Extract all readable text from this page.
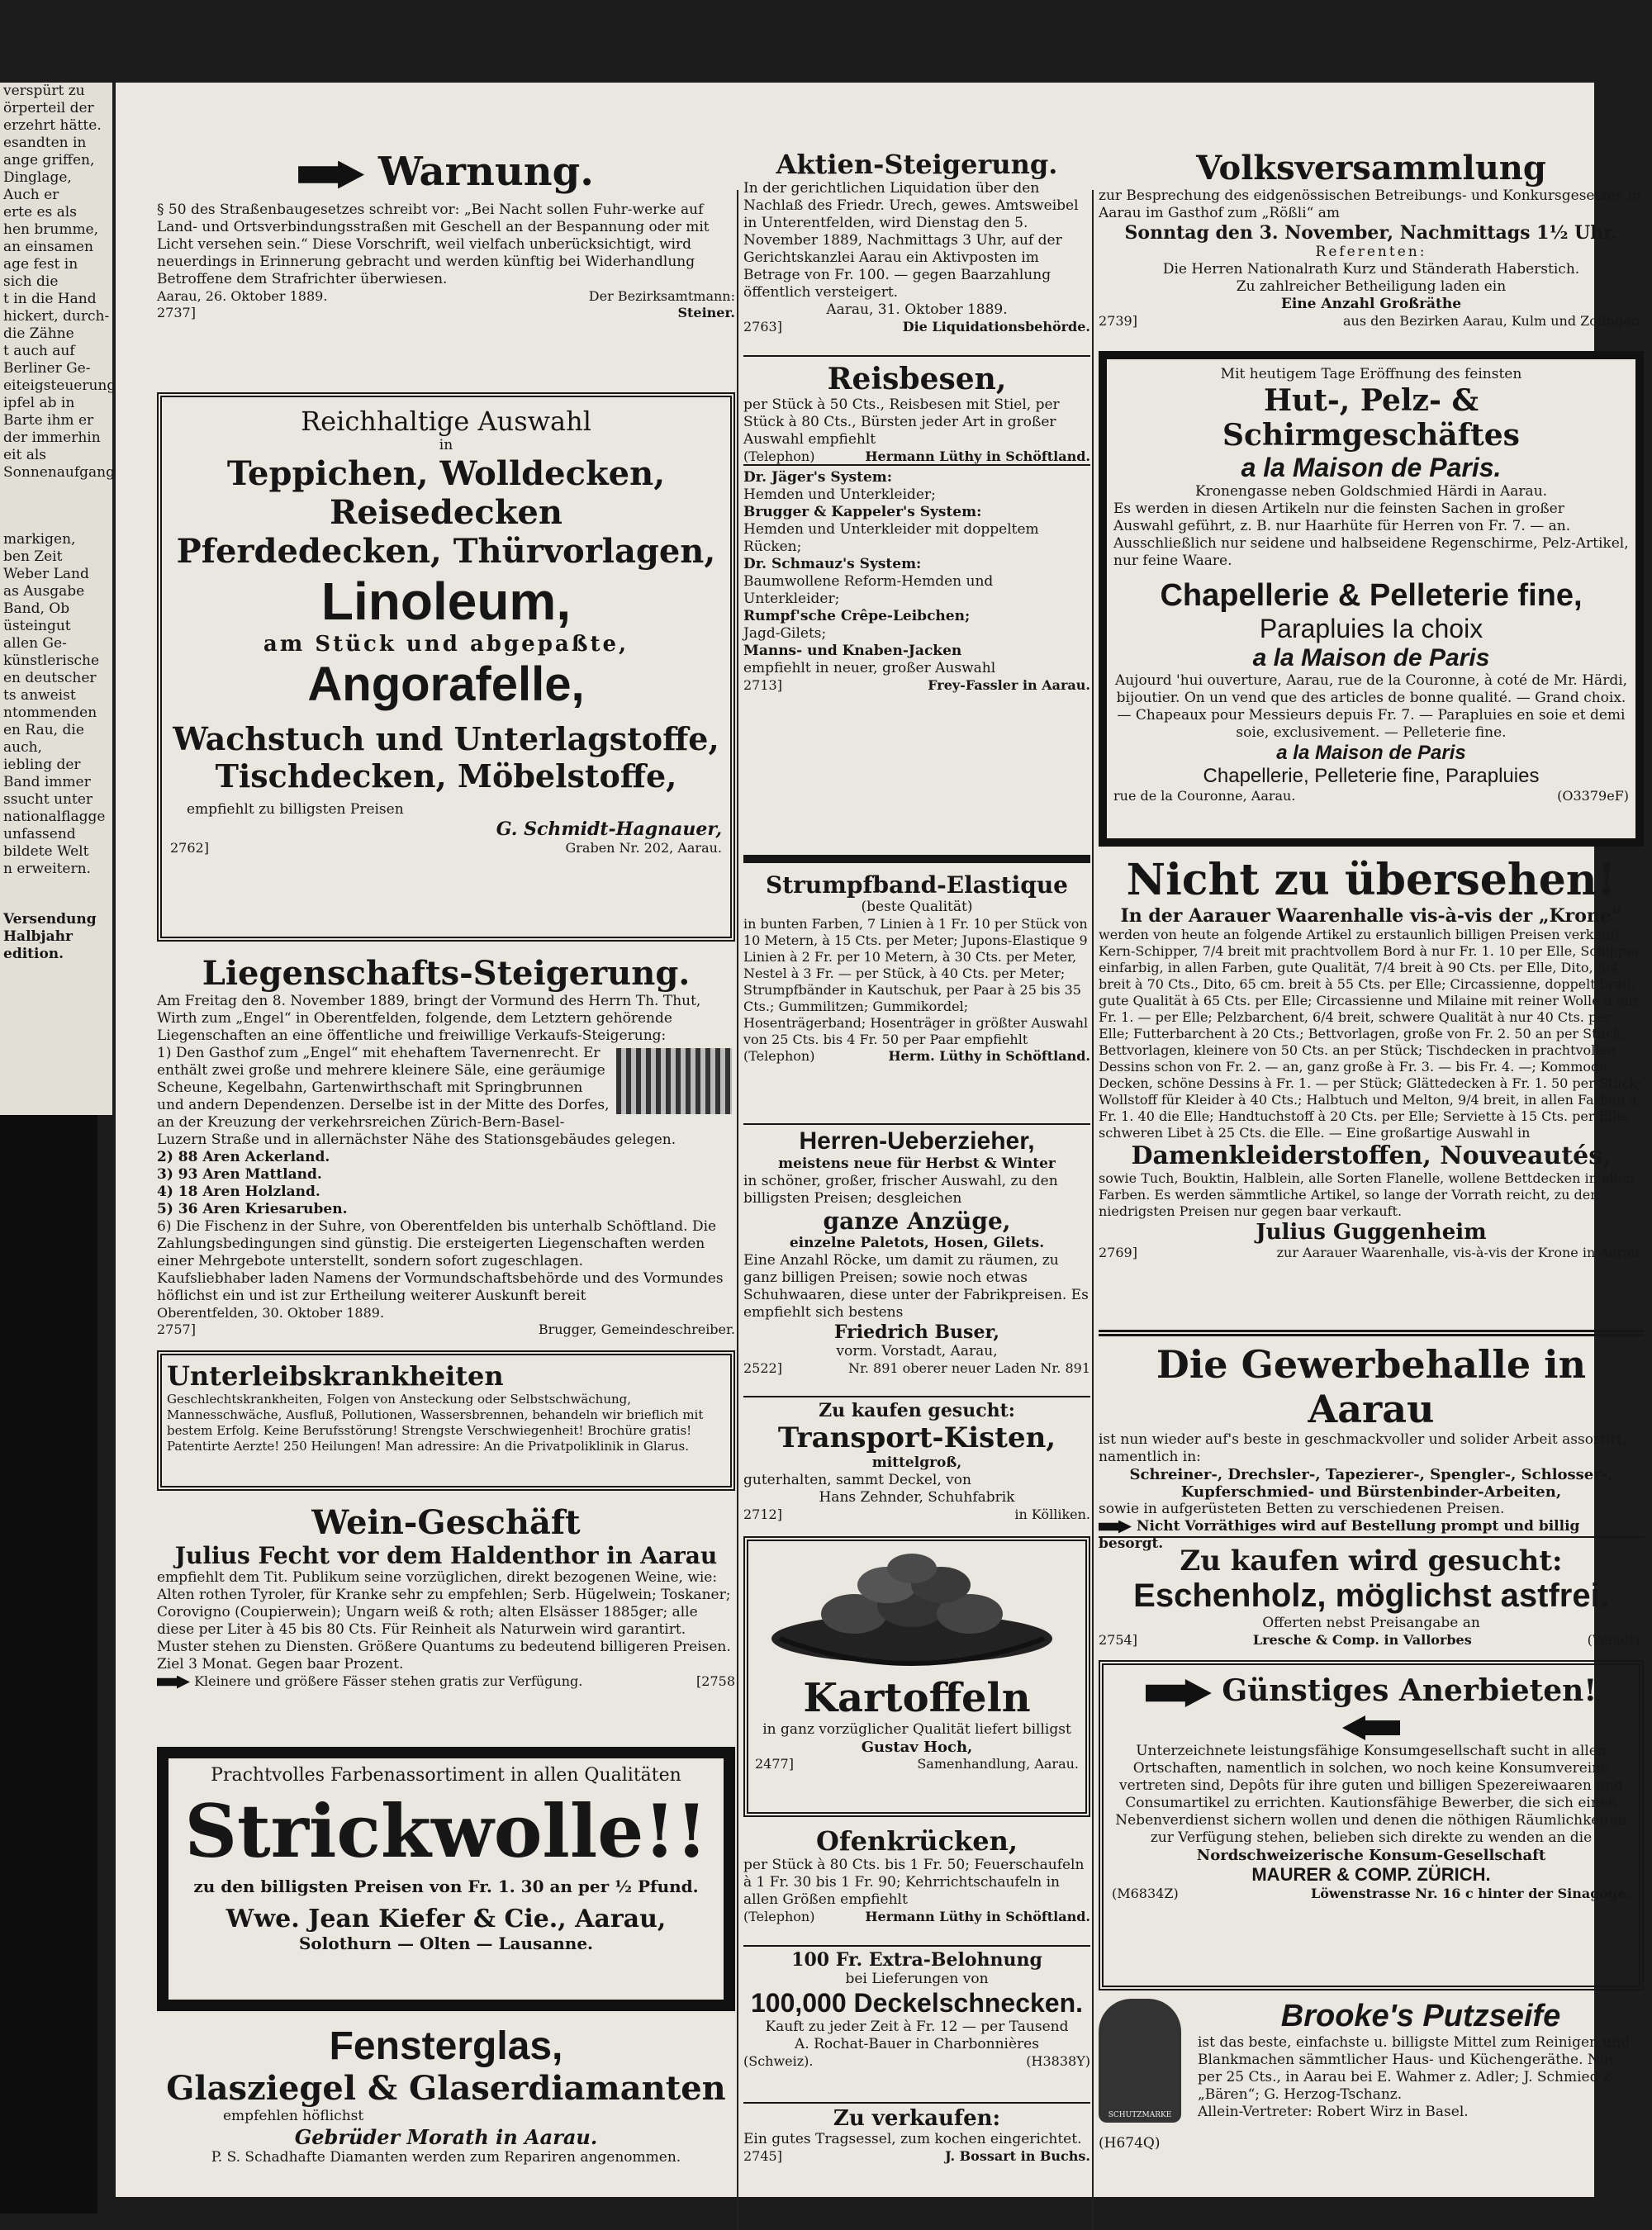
verspürt zu
örperteil der
erzehrt hätte.
esandten in
ange griffen,
Dinglage,
Auch er
erte es als
hen brumme,
an einsamen
age fest in
sich die
t in die Hand
hickert, durch-
die Zähne
t auch auf
Berliner Ge-
eiteigsteuerung
ipfel ab in
Barte ihm er
der immerhin
eit als
Sonnenaufgang
markigen,
ben Zeit
Weber Land
as Ausgabe
Band, Ob
üsteingut
allen Ge-
künstlerische
en deutscher
ts anweist
ntommenden
en Rau, die
auch,
iebling der
Band immer
ssucht unter
nationalflagge
unfassend
bildete Welt
n erweitern.
Versendung
Halbjahr
edition.
Warnung.

§ 50 des Straßenbaugesetzes schreibt vor: „Bei Nacht sollen Fuhr-werke auf Land- und Ortsverbindungsstraßen mit Geschell an der Bespannung oder mit Licht versehen sein.“ Diese Vorschrift, weil vielfach unberücksichtigt, wird neuerdings in Erinnerung gebracht und werden künftig bei Widerhandlung Betroffene dem Strafrichter überwiesen.

Aarau, 26. Oktober 1889.	Der Bezirksamtmann:
2737]	Steiner.
Reichhaltige Auswahl
in
Teppichen, Wolldecken, Reisedecken
Pferdedecken, Thürvorlagen,
Linoleum,
am Stück und abgepaßte,
Angorafelle,
Wachstuch und Unterlagstoffe,
Tischdecken, Möbelstoffe,
empfiehlt zu billigsten Preisen
G. Schmidt-Hagnauer,
2762]	Graben Nr. 202, Aarau.
Liegenschafts-Steigerung.

Am Freitag den 8. November 1889, bringt der Vormund des Herrn Th. Thut, Wirth zum „Engel“ in Oberentfelden, folgende, dem Letztern gehörende Liegenschaften an eine öffentliche und freiwillige Verkaufs-Steigerung:

1) Den Gasthof zum „Engel“ mit ehehaftem Tavernenrecht. Er enthält zwei große und mehrere kleinere Säle, eine geräumige Scheune, Kegelbahn, Gartenwirthschaft mit Springbrunnen und andern Dependenzen. Derselbe ist in der Mitte des Dorfes, an der Kreuzung der verkehrsreichen Zürich-Bern-Basel-Luzern Straße und in allernächster Nähe des Stationsgebäudes gelegen.
2) 88 Aren Ackerland.
3) 93 Aren Mattland.
4) 18 Aren Holzland.
5) 36 Aren Kriesaruben.
6) Die Fischenz in der Suhre, von Oberentfelden bis unterhalb Schöftland. Die Zahlungsbedingungen sind günstig. Die ersteigerten Liegenschaften werden einer Mehrgebote unterstellt, sondern sofort zugeschlagen.
Kaufsliebhaber laden Namens der Vormundschaftsbehörde und des Vormundes höflichst ein und ist zur Ertheilung weiterer Auskunft bereit
Oberentfelden, 30. Oktober 1889.
2757]	Brugger, Gemeindeschreiber.
Unterleibskrankheiten

Geschlechtskrankheiten, Folgen von Ansteckung oder Selbstschwächung, Mannesschwäche, Ausfluß, Pollutionen, Wassersbrennen, behandeln wir brieflich mit bestem Erfolg. Keine Berufsstörung! Strengste Verschwiegenheit! Brochüre gratis! Patentirte Aerzte! 250 Heilungen! Man adressire: An die Privatpoliklinik in Glarus.

Wein-Geschäft
Julius Fecht vor dem Haldenthor in Aarau

empfiehlt dem Tit. Publikum seine vorzüglichen, direkt bezogenen Weine, wie: Alten rothen Tyroler, für Kranke sehr zu empfehlen; Serb. Hügelwein; Toskaner; Corovigno (Coupierwein); Ungarn weiß & roth; alten Elsässer 1885ger; alle diese per Liter à 45 bis 80 Cts. Für Reinheit als Naturwein wird garantirt. Muster stehen zu Diensten. Größere Quantums zu bedeutend billigeren Preisen. Ziel 3 Monat. Gegen baar Prozent.

Kleinere und größere Fässer stehen gratis zur Verfügung.	[2758
Prachtvolles Farbenassortiment in allen Qualitäten
Strickwolle!!
zu den billigsten Preisen von Fr. 1. 30 an per ½ Pfund.
Wwe. Jean Kiefer & Cie., Aarau,
Solothurn — Olten — Lausanne.
Fensterglas,
Glasziegel & Glaserdiamanten
empfehlen höflichst
Gebrüder Morath in Aarau.
P. S. Schadhafte Diamanten werden zum Repariren angenommen.
Aktien-Steigerung.

In der gerichtlichen Liquidation über den Nachlaß des Friedr. Urech, gewes. Amtsweibel in Unterentfelden, wird Dienstag den 5. November 1889, Nachmittags 3 Uhr, auf der Gerichtskanzlei Aarau ein Aktivposten im Betrage von Fr. 100. — gegen Baarzahlung öffentlich versteigert.

Aarau, 31. Oktober 1889.
2763]	Die Liquidationsbehörde.
Reisbesen,

per Stück à 50 Cts., Reisbesen mit Stiel, per Stück à 80 Cts., Bürsten jeder Art in großer Auswahl empfiehlt

(Telephon)	Hermann Lüthy in Schöftland.
Dr. Jäger's System:
Hemden und Unterkleider;
Brugger & Kappeler's System:
Hemden und Unterkleider mit doppeltem Rücken;
Dr. Schmauz's System:
Baumwollene Reform-Hemden und Unterkleider;
Rumpf'sche Crêpe-Leibchen;
Jagd-Gilets;
Manns- und Knaben-Jacken
empfiehlt in neuer, großer Auswahl
2713]	Frey-Fassler in Aarau.
Strumpfband-Elastique
(beste Qualität)

in bunten Farben, 7 Linien à 1 Fr. 10 per Stück von 10 Metern, à 15 Cts. per Meter; Jupons-Elastique 9 Linien à 2 Fr. per 10 Metern, à 30 Cts. per Meter, Nestel à 3 Fr. — per Stück, à 40 Cts. per Meter; Strumpfbänder in Kautschuk, per Paar à 25 bis 35 Cts.; Gummilitzen; Gummikordel; Hosenträgerband; Hosenträger in größter Auswahl von 25 Cts. bis 4 Fr. 50 per Paar empfiehlt

(Telephon)	Herm. Lüthy in Schöftland.
Herren-Ueberzieher,
meistens neue für Herbst & Winter

in schöner, großer, frischer Auswahl, zu den billigsten Preisen; desgleichen

ganze Anzüge,
einzelne Paletots, Hosen, Gilets.

Eine Anzahl Röcke, um damit zu räumen, zu ganz billigen Preisen; sowie noch etwas Schuhwaaren, diese unter der Fabrikpreisen. Es empfiehlt sich bestens

Friedrich Buser,
vorm. Vorstadt, Aarau,
2522]	Nr. 891 oberer neuer Laden Nr. 891
Zu kaufen gesucht:
Transport-Kisten,
mittelgroß,
guterhalten, sammt Deckel, von
Hans Zehnder, Schuhfabrik
2712]	in Kölliken.
Kartoffeln
in ganz vorzüglicher Qualität liefert billigst
Gustav Hoch,
2477]	Samenhandlung, Aarau.
Ofenkrücken,

per Stück à 80 Cts. bis 1 Fr. 50; Feuerschaufeln à 1 Fr. 30 bis 1 Fr. 90; Kehrrichtschaufeln in allen Größen empfiehlt

(Telephon)	Hermann Lüthy in Schöftland.
100 Fr. Extra-Belohnung
bei Lieferungen von
100,000 Deckelschnecken.
Kauft zu jeder Zeit à Fr. 12 — per Tausend
A. Rochat-Bauer in Charbonnières
(Schweiz).	(H3838Y)
Zu verkaufen:
Ein gutes Tragsessel, zum kochen eingerichtet.
2745]	J. Bossart in Buchs.
Volksversammlung

zur Besprechung des eidgenössischen Betreibungs- und Konkursgesetzes in Aarau im Gasthof zum „Rößli“ am

Sonntag den 3. November, Nachmittags 1½ Uhr.
Referenten:
Die Herren Nationalrath Kurz und Ständerath Haberstich.
Zu zahlreicher Betheiligung laden ein
Eine Anzahl Großräthe
2739]	aus den Bezirken Aarau, Kulm und Zofingen.
Mit heutigem Tage Eröffnung des feinsten
Hut-, Pelz- & Schirmgeschäftes
a la Maison de Paris.
Kronengasse neben Goldschmied Härdi in Aarau.

Es werden in diesen Artikeln nur die feinsten Sachen in großer Auswahl geführt, z. B. nur Haarhüte für Herren von Fr. 7. — an. Ausschließlich nur seidene und halbseidene Regenschirme, Pelz-Artikel, nur feine Waare.

Chapellerie & Pelleterie fine,
Parapluies Ia choix
a la Maison de Paris

Aujourd 'hui ouverture, Aarau, rue de la Couronne, à coté de Mr. Härdi, bijoutier. On un vend que des articles de bonne qualité. — Grand choix. — Chapeaux pour Messieurs depuis Fr. 7. — Parapluies en soie et demi soie, exclusivement. — Pelleterie fine.

a la Maison de Paris
Chapellerie, Pelleterie fine, Parapluies
rue de la Couronne, Aarau.	(O3379eF)
Nicht zu übersehen!
In der Aarauer Waarenhalle vis-à-vis der „Krone“

werden von heute an folgende Artikel zu erstaunlich billigen Preisen verkauft: Kern-Schipper, 7/4 breit mit prachtvollem Bord à nur Fr. 1. 10 per Elle, Schipper, einfarbig, in allen Farben, gute Qualität, 7/4 breit à 90 Cts. per Elle, Dito, 5/4 breit à 70 Cts., Dito, 65 cm. breit à 55 Cts. per Elle; Circassienne, doppelt breit, gute Qualität à 65 Cts. per Elle; Circassienne und Milaine mit reiner Wolle à nur Fr. 1. — per Elle; Pelzbarchent, 6/4 breit, schwere Qualität à nur 40 Cts. per Elle; Futterbarchent à 20 Cts.; Bettvorlagen, große von Fr. 2. 50 an per Stück, Bettvorlagen, kleinere von 50 Cts. an per Stück; Tischdecken in prachtvollen Dessins schon von Fr. 2. — an, ganz große à Fr. 3. — bis Fr. 4. —; Kommode-Decken, schöne Dessins à Fr. 1. — per Stück; Glättedecken à Fr. 1. 50 per Stück; Wollstoff für Kleider à 40 Cts.; Halbtuch und Melton, 9/4 breit, in allen Farben à Fr. 1. 40 die Elle; Handtuchstoff à 20 Cts. per Elle; Serviette à 15 Cts. per Elle; schweren Libet à 25 Cts. die Elle. — Eine großartige Auswahl in

Damenkleiderstoffen, Nouveautés,

sowie Tuch, Bouktin, Halblein, alle Sorten Flanelle, wollene Bettdecken in allen Farben. Es werden sämmtliche Artikel, so lange der Vorrath reicht, zu den niedrigsten Preisen nur gegen baar verkauft.

Julius Guggenheim
2769]	zur Aarauer Waarenhalle, vis-à-vis der Krone in Aarau.
Die Gewerbehalle in Aarau

ist nun wieder auf's beste in geschmackvoller und solider Arbeit assortirt, namentlich in:

Schreiner-, Drechsler-, Tapezierer-, Spengler-, Schlosser-, Kupferschmied- und Bürstenbinder-Arbeiten,
sowie in aufgerüsteten Betten zu verschiedenen Preisen.
Nicht Vorräthiges wird auf Bestellung prompt und billig besorgt.
Zu kaufen wird gesucht:
Eschenholz, möglichst astfrei.
Offerten nebst Preisangabe an
2754]	Lresche & Comp. in Vallorbes	(Waadt).
Günstiges Anerbieten!

Unterzeichnete leistungsfähige Konsumgesellschaft sucht in allen Ortschaften, namentlich in solchen, wo noch keine Konsumvereine vertreten sind, Depôts für ihre guten und billigen Spezereiwaaren und Consumartikel zu errichten. Kautionsfähige Bewerber, die sich einen Nebenverdienst sichern wollen und denen die nöthigen Räumlichkeiten zur Verfügung stehen, belieben sich direkte zu wenden an die

Nordschweizerische Konsum-Gesellschaft
MAURER & COMP. ZÜRICH.
(M6834Z)	Löwenstrasse Nr. 16 c hinter der Sinagoge.
SCHUTZMARKE
Brooke's Putzseife

ist das beste, einfachste u. billigste Mittel zum Reinigen und Blankmachen sämmtlicher Haus- und Küchengeräthe. Nur per 25 Cts., in Aarau bei E. Wahmer z. Adler; J. Schmied z. „Bären“; G. Herzog-Tschanz.

Allein-Vertreter: Robert Wirz in Basel.
(H674Q)
